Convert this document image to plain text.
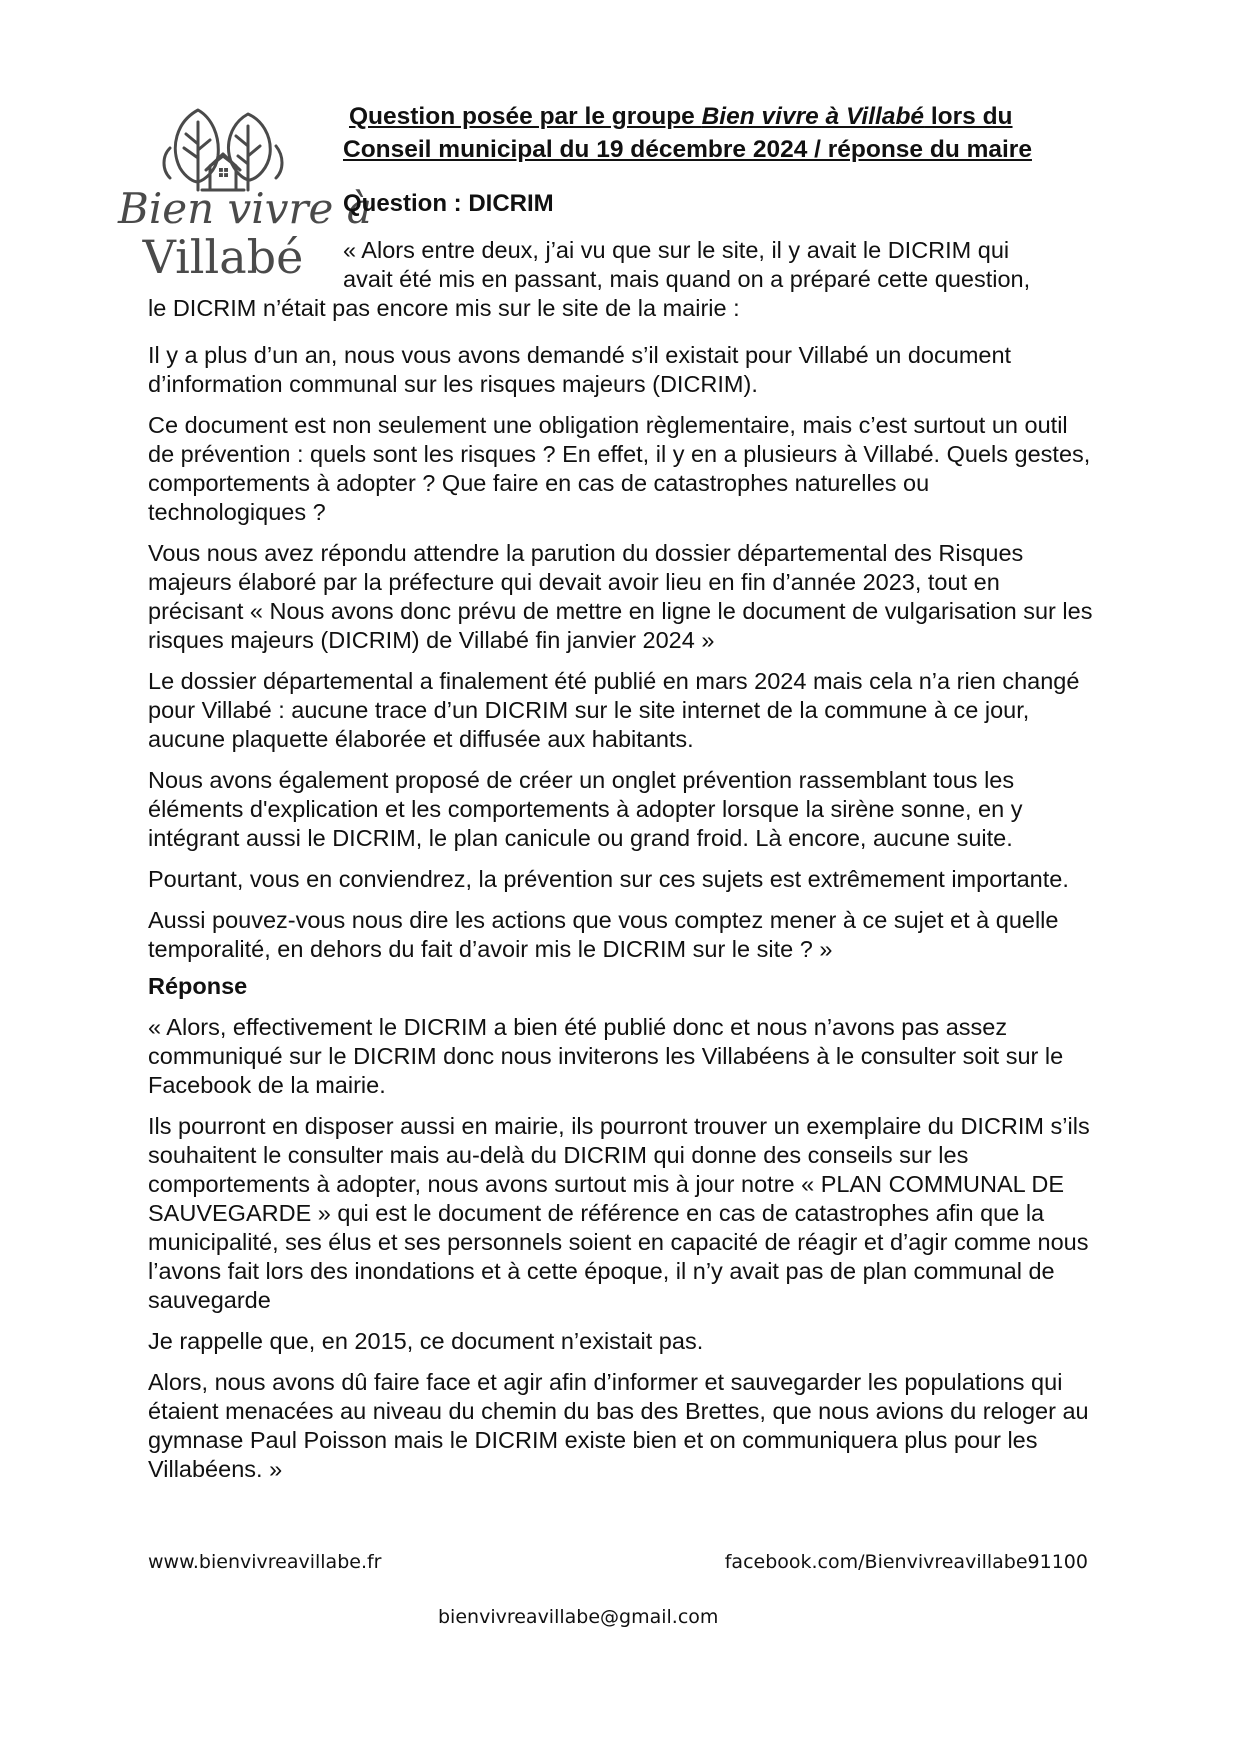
Bien vivre à
Villabé
Question posée par le groupe Bien vivre à Villabé lors du
Conseil municipal du 19 décembre 2024 / réponse du maire
Question : DICRIM
« Alors entre deux, j’ai vu que sur le site, il y avait le DICRIM qui
avait été mis en passant, mais quand on a préparé cette question,
le DICRIM n’était pas encore mis sur le site de la mairie :

Il y a plus d’un an, nous vous avons demandé s’il existait pour Villabé un document d’information communal sur les risques majeurs (DICRIM).

Ce document est non seulement une obligation règlementaire, mais c’est surtout un outil de prévention : quels sont les risques ? En effet, il y en a plusieurs à Villabé. Quels gestes, comportements à adopter ? Que faire en cas de catastrophes naturelles ou technologiques ?

Vous nous avez répondu attendre la parution du dossier départemental des Risques majeurs élaboré par la préfecture qui devait avoir lieu en fin d’année 2023, tout en précisant « Nous avons donc prévu de mettre en ligne le document de vulgarisation sur les risques majeurs (DICRIM) de Villabé fin janvier 2024 »

Le dossier départemental a finalement été publié en mars 2024 mais cela n’a rien changé pour Villabé : aucune trace d’un DICRIM sur le site internet de la commune à ce jour, aucune plaquette élaborée et diffusée aux habitants.

Nous avons également proposé de créer un onglet prévention rassemblant tous les éléments d'explication et les comportements à adopter lorsque la sirène sonne, en y intégrant aussi le DICRIM, le plan canicule ou grand froid. Là encore, aucune suite.

Pourtant, vous en conviendrez, la prévention sur ces sujets est extrêmement importante.

Aussi pouvez-vous nous dire les actions que vous comptez mener à ce sujet et à quelle temporalité, en dehors du fait d’avoir mis le DICRIM sur le site ? »

Réponse

« Alors, effectivement le DICRIM a bien été publié donc et nous n’avons pas assez communiqué sur le DICRIM donc nous inviterons les Villabéens à le consulter soit sur le Facebook de la mairie.

Ils pourront en disposer aussi en mairie, ils pourront trouver un exemplaire du DICRIM s’ils souhaitent le consulter mais au-delà du DICRIM qui donne des conseils sur les comportements à adopter, nous avons surtout mis à jour notre « PLAN COMMUNAL DE SAUVEGARDE » qui est le document de référence en cas de catastrophes afin que la municipalité, ses élus et ses personnels soient en capacité de réagir et d’agir comme nous l’avons fait lors des inondations et à cette époque, il n’y avait pas de plan communal de sauvegarde

Je rappelle que, en 2015, ce document n’existait pas.

Alors, nous avons dû faire face et agir afin d’informer et sauvegarder les populations qui étaient menacées au niveau du chemin du bas des Brettes, que nous avions du reloger au gymnase Paul Poisson mais le DICRIM existe bien et on communiquera plus pour les Villabéens. »

www.bienvivreavillabe.fr	facebook.com/Bienvivreavillabe91100
bienvivreavillabe@gmail.com
